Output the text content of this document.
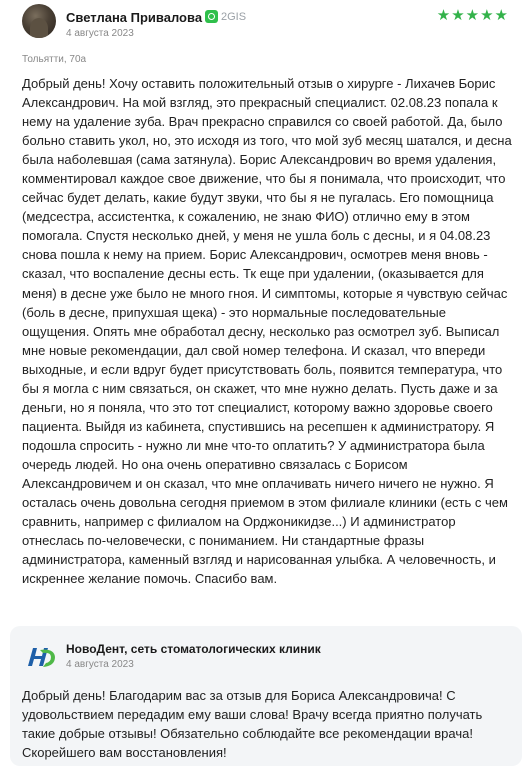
Светлана Привалова 2GIS
4 августа 2023
★ ★ ★ ★ ★
Тольятти, 70а
Добрый день! Хочу оставить положительный отзыв о хирурге - Лихачев Борис Александрович. На мой взгляд, это прекрасный специалист. 02.08.23 попала к нему на удаление зуба. Врач прекрасно справился со своей работой. Да, было больно ставить укол, но, это исходя из того, что мой зуб месяц шатался, и десна была наболевшая (сама затянула). Борис Александрович во время удаления, комментировал каждое свое движение, что бы я понимала, что происходит, что сейчас будет делать, какие будут звуки, что бы я не пугалась. Его помощница (медсестра, ассистентка, к сожалению, не знаю ФИО) отлично ему в этом помогала. Спустя несколько дней, у меня не ушла боль с десны, и я 04.08.23 снова пошла к нему на прием. Борис Александрович, осмотрев меня вновь - сказал, что воспаление десны есть. Тк еще при удалении, (оказывается для меня) в десне уже было не много гноя. И симптомы, которые я чувствую сейчас (боль в десне, припухшая щека) - это нормальные последовательные ощущения. Опять мне обработал десну, несколько раз осмотрел зуб. Выписал мне новые рекомендации, дал свой номер телефона. И сказал, что впереди выходные, и если вдруг будет присутствовать боль, появится температура, что бы я могла с ним связаться, он скажет, что мне нужно делать. Пусть даже и за деньги, но я поняла, что это тот специалист, которому важно здоровье своего пациента. Выйдя из кабинета, спустившись на ресепшен к администратору. Я подошла спросить - нужно ли мне что-то оплатить? У администратора была очередь людей. Но она очень оперативно связалась с Борисом Александровичем и он сказал, что мне оплачивать ничего ничего не нужно. Я осталась очень довольна сегодня приемом в этом филиале клиники (есть с чем сравнить, например с филиалом на Орджоникидзе...) И администратор отнеслась по-человечески, с пониманием. Ни стандартные фразы администратора, каменный взгляд и нарисованная улыбка. А человечность, и искреннее желание помочь. Спасибо вам.
НовоДент, сеть стоматологических клиник
4 августа 2023
Добрый день! Благодарим вас за отзыв для Бориса Александровича! С удовольствием передадим ему ваши слова! Врачу всегда приятно получать такие добрые отзывы! Обязательно соблюдайте все рекомендации врача! Скорейшего вам восстановления!
